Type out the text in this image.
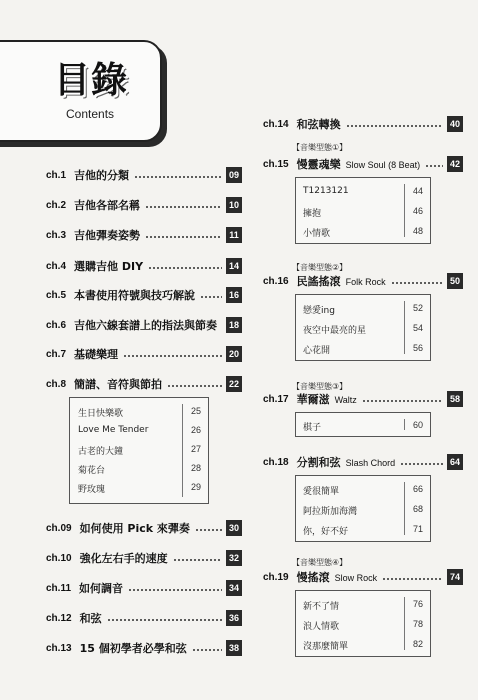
目錄
Contents
ch.1 吉他的分類	09
ch.2 吉他各部名稱	10
ch.3 吉他彈奏姿勢	11
ch.4 選購吉他 DIY	14
ch.5 本書使用符號與技巧解說	16
ch.6 吉他六線套譜上的指法與節奏	18
ch.7 基礎樂理	20
ch.8 簡譜、音符與節拍	22
生日快樂歌	25
Love Me Tender	26
古老的大鐘	27
菊花台	28
野玫瑰	29
ch.09 如何使用 Pick 來彈奏	30
ch.10 強化左右手的速度	32
ch.11 如何調音	34
ch.12 和弦	36
ch.13 15 個初學者必學和弦	38
ch.14 和弦轉換	40
【音樂型態①】
ch.15 慢靈魂樂 Slow Soul (8 Beat)	42
T1213121	44
擁抱	46
小情歌	48
【音樂型態②】
ch.16 民謠搖滾 Folk Rock	50
戀愛ing	52
夜空中最亮的星	54
心花開	56
【音樂型態③】
ch.17 華爾滋 Waltz	58
棋子	60
ch.18 分割和弦 Slash Chord	64
愛很簡單	66
阿拉斯加海灣	68
你，好不好	71
【音樂型態④】
ch.19 慢搖滾 Slow Rock	74
新不了情	76
浪人情歌	78
沒那麼簡單	82
